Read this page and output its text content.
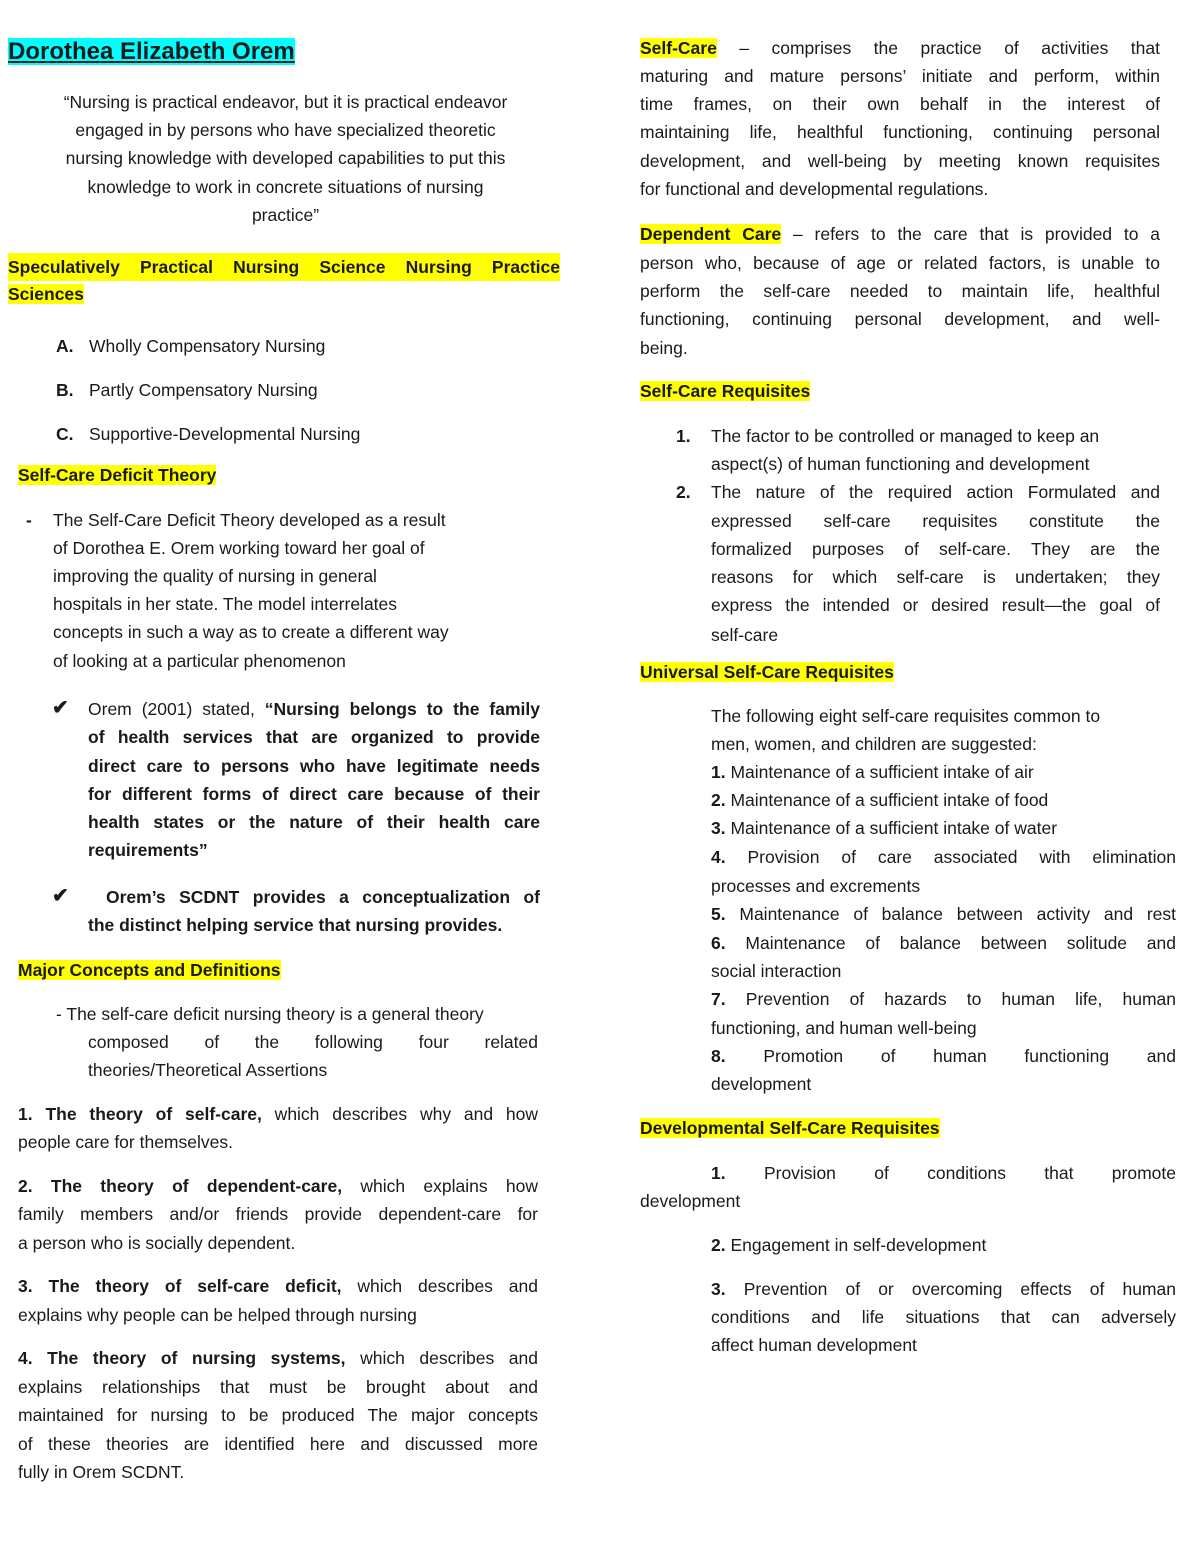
Dorothea Elizabeth Orem
“Nursing is practical endeavor, but it is practical endeavor
engaged in by persons who have specialized theoretic
nursing knowledge with developed capabilities to put this
knowledge to work in concrete situations of nursing
practice”
Speculatively Practical Nursing Science Nursing Practice
Sciences
A. Wholly Compensatory Nursing
B. Partly Compensatory Nursing
C. Supportive-Developmental Nursing
Self-Care Deficit Theory
- The Self-Care Deficit Theory developed as a result
of Dorothea E. Orem working toward her goal of
improving the quality of nursing in general
hospitals in her state. The model interrelates
concepts in such a way as to create a different way
of looking at a particular phenomenon
✔ Orem (2001) stated, “Nursing belongs to the family
of health services that are organized to provide
direct care to persons who have legitimate needs
for different forms of direct care because of their
health states or the nature of their health care
requirements”
✔ Orem’s SCDNT provides a conceptualization of
the distinct helping service that nursing provides.
Major Concepts and Definitions
- The self-care deficit nursing theory is a general theory
composed of the following four related
theories/Theoretical Assertions
1. The theory of self-care, which describes why and how
people care for themselves.
2. The theory of dependent-care, which explains how
family members and/or friends provide dependent-care for
a person who is socially dependent.
3. The theory of self-care deficit, which describes and
explains why people can be helped through nursing
4. The theory of nursing systems, which describes and
explains relationships that must be brought about and
maintained for nursing to be produced The major concepts
of these theories are identified here and discussed more
fully in Orem SCDNT.
Self-Care – comprises the practice of activities that
maturing and mature persons’ initiate and perform, within
time frames, on their own behalf in the interest of
maintaining life, healthful functioning, continuing personal
development, and well-being by meeting known requisites
for functional and developmental regulations.
Dependent Care – refers to the care that is provided to a
person who, because of age or related factors, is unable to
perform the self-care needed to maintain life, healthful
functioning, continuing personal development, and well-
being.
Self-Care Requisites
1. The factor to be controlled or managed to keep an
aspect(s) of human functioning and development
2. The nature of the required action Formulated and
expressed self-care requisites constitute the
formalized purposes of self-care. They are the
reasons for which self-care is undertaken; they
express the intended or desired result—the goal of
self-care
Universal Self-Care Requisites
The following eight self-care requisites common to
men, women, and children are suggested:
1. Maintenance of a sufficient intake of air
2. Maintenance of a sufficient intake of food
3. Maintenance of a sufficient intake of water
4. Provision of care associated with elimination
processes and excrements
5. Maintenance of balance between activity and rest
6. Maintenance of balance between solitude and
social interaction
7. Prevention of hazards to human life, human
functioning, and human well-being
8. Promotion of human functioning and
development
Developmental Self-Care Requisites
1. Provision of conditions that promote
development
2. Engagement in self-development
3. Prevention of or overcoming effects of human
conditions and life situations that can adversely
affect human development
